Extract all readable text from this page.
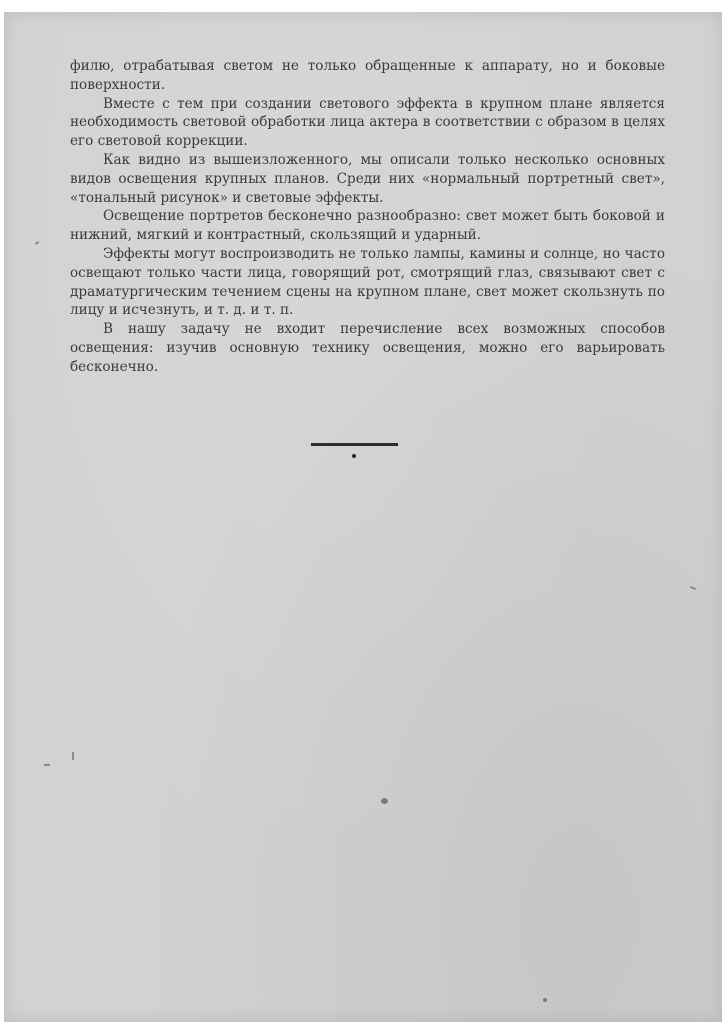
филю, отрабатывая светом не только обращенные к аппарату, но и боковые поверхности.

Вместе с тем при создании светового эффекта в крупном плане является необходимость световой обработки лица актера в соответствии с образом в целях его световой коррекции.

Как видно из вышеизложенного, мы описали только несколько основных видов освещения крупных планов. Среди них «нормальный портретный свет», «тональный рисунок» и световые эффекты.

Освещение портретов бесконечно разнообразно: свет может быть боковой и нижний, мягкий и контрастный, скользящий и ударный.

Эффекты могут воспроизводить не только лампы, камины и солнце, но часто освещают только части лица, говорящий рот, смотрящий глаз, связывают свет с драматургическим течением сцены на крупном плане, свет может скользнуть по лицу и исчезнуть, и т. д. и т. п.

В нашу задачу не входит перечисление всех возможных способов освещения: изучив основную технику освещения, можно его варьировать бесконечно.
